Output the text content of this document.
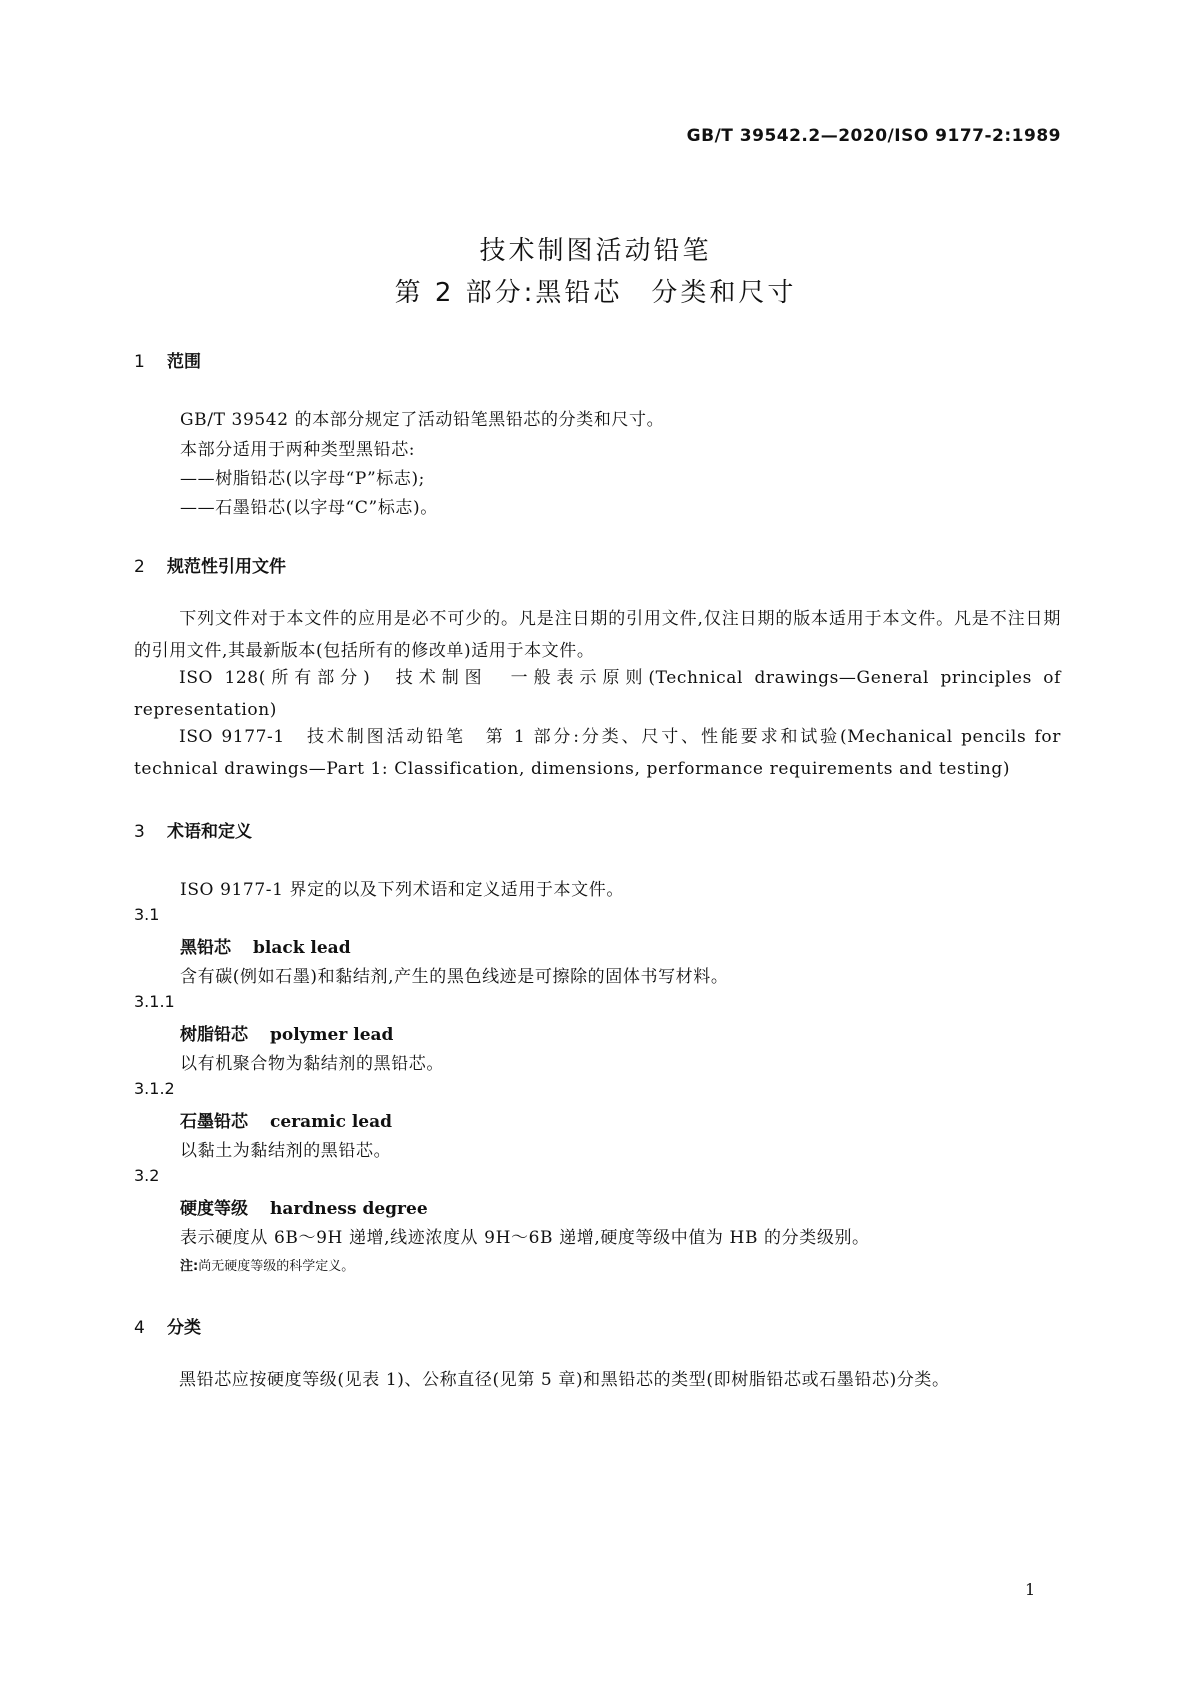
GB/T 39542.2—2020/ISO 9177-2:1989
技术制图活动铅笔
第 2 部分:黑铅芯　分类和尺寸
1 范围
GB/T 39542 的本部分规定了活动铅笔黑铅芯的分类和尺寸。
本部分适用于两种类型黑铅芯:
——树脂铅芯(以字母“P”标志);
——石墨铅芯(以字母“C”标志)。
2 规范性引用文件
下列文件对于本文件的应用是必不可少的。凡是注日期的引用文件,仅注日期的版本适用于本文件。凡是不注日期的引用文件,其最新版本(包括所有的修改单)适用于本文件。
ISO 128(所有部分) 技术制图　一般表示原则(Technical drawings—General principles of representation)
ISO 9177-1 技术制图活动铅笔　第 1 部分:分类、尺寸、性能要求和试验(Mechanical pencils for technical drawings—Part 1: Classification, dimensions, performance requirements and testing)
3 术语和定义
ISO 9177-1 界定的以及下列术语和定义适用于本文件。
3.1
黑铅芯 black lead
含有碳(例如石墨)和黏结剂,产生的黑色线迹是可擦除的固体书写材料。
3.1.1
树脂铅芯 polymer lead
以有机聚合物为黏结剂的黑铅芯。
3.1.2
石墨铅芯 ceramic lead
以黏土为黏结剂的黑铅芯。
3.2
硬度等级 hardness degree
表示硬度从 6B～9H 递增,线迹浓度从 9H～6B 递增,硬度等级中值为 HB 的分类级别。
注:尚无硬度等级的科学定义。
4 分类
黑铅芯应按硬度等级(见表 1)、公称直径(见第 5 章)和黑铅芯的类型(即树脂铅芯或石墨铅芯)分类。
1
